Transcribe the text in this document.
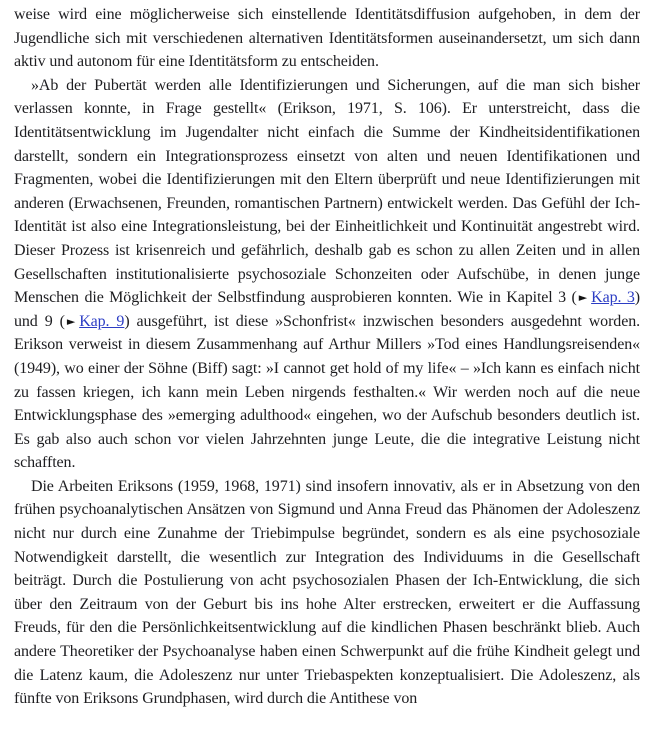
weise wird eine möglicherweise sich einstellende Identitätsdiffusion aufgehoben, in dem der Jugendliche sich mit verschiedenen alternativen Identitätsformen auseinandersetzt, um sich dann aktiv und autonom für eine Identitätsform zu entscheiden.

»Ab der Pubertät werden alle Identifizierungen und Sicherungen, auf die man sich bisher verlassen konnte, in Frage gestellt« (Erikson, 1971, S. 106). Er unterstreicht, dass die Identitätsentwicklung im Jugendalter nicht einfach die Summe der Kindheitsidentifikationen darstellt, sondern ein Integrationsprozess einsetzt von alten und neuen Identifikationen und Fragmenten, wobei die Identifizierungen mit den Eltern überprüft und neue Identifizierungen mit anderen (Erwachsenen, Freunden, romantischen Partnern) entwickelt werden. Das Gefühl der Ich-Identität ist also eine Integrationsleistung, bei der Einheitlichkeit und Kontinuität angestrebt wird. Dieser Prozess ist krisenreich und gefährlich, deshalb gab es schon zu allen Zeiten und in allen Gesellschaften institutionalisierte psychosoziale Schonzeiten oder Aufschübe, in denen junge Menschen die Möglichkeit der Selbstfindung ausprobieren konnten. Wie in Kapitel 3 ( ► Kap. 3) und 9 ( ► Kap. 9) ausgeführt, ist diese »Schonfrist« inzwischen besonders ausgedehnt worden. Erikson verweist in diesem Zusammenhang auf Arthur Millers »Tod eines Handlungsreisenden« (1949), wo einer der Söhne (Biff) sagt: »I cannot get hold of my life« – »Ich kann es einfach nicht zu fassen kriegen, ich kann mein Leben nirgends festhalten.« Wir werden noch auf die neue Entwicklungsphase des »emerging adulthood« eingehen, wo der Aufschub besonders deutlich ist. Es gab also auch schon vor vielen Jahrzehnten junge Leute, die die integrative Leistung nicht schafften.

Die Arbeiten Eriksons (1959, 1968, 1971) sind insofern innovativ, als er in Absetzung von den frühen psychoanalytischen Ansätzen von Sigmund und Anna Freud das Phänomen der Adoleszenz nicht nur durch eine Zunahme der Triebimpulse begründet, sondern es als eine psychosoziale Notwendigkeit darstellt, die wesentlich zur Integration des Individuums in die Gesellschaft beiträgt. Durch die Postulierung von acht psychosozialen Phasen der Ich-Entwicklung, die sich über den Zeitraum von der Geburt bis ins hohe Alter erstrecken, erweitert er die Auffassung Freuds, für den die Persönlichkeitsentwicklung auf die kindlichen Phasen beschränkt blieb. Auch andere Theoretiker der Psychoanalyse haben einen Schwerpunkt auf die frühe Kindheit gelegt und die Latenz kaum, die Adoleszenz nur unter Triebaspekten konzeptualisiert. Die Adoleszenz, als fünfte von Eriksons Grundphasen, wird durch die Antithese von
